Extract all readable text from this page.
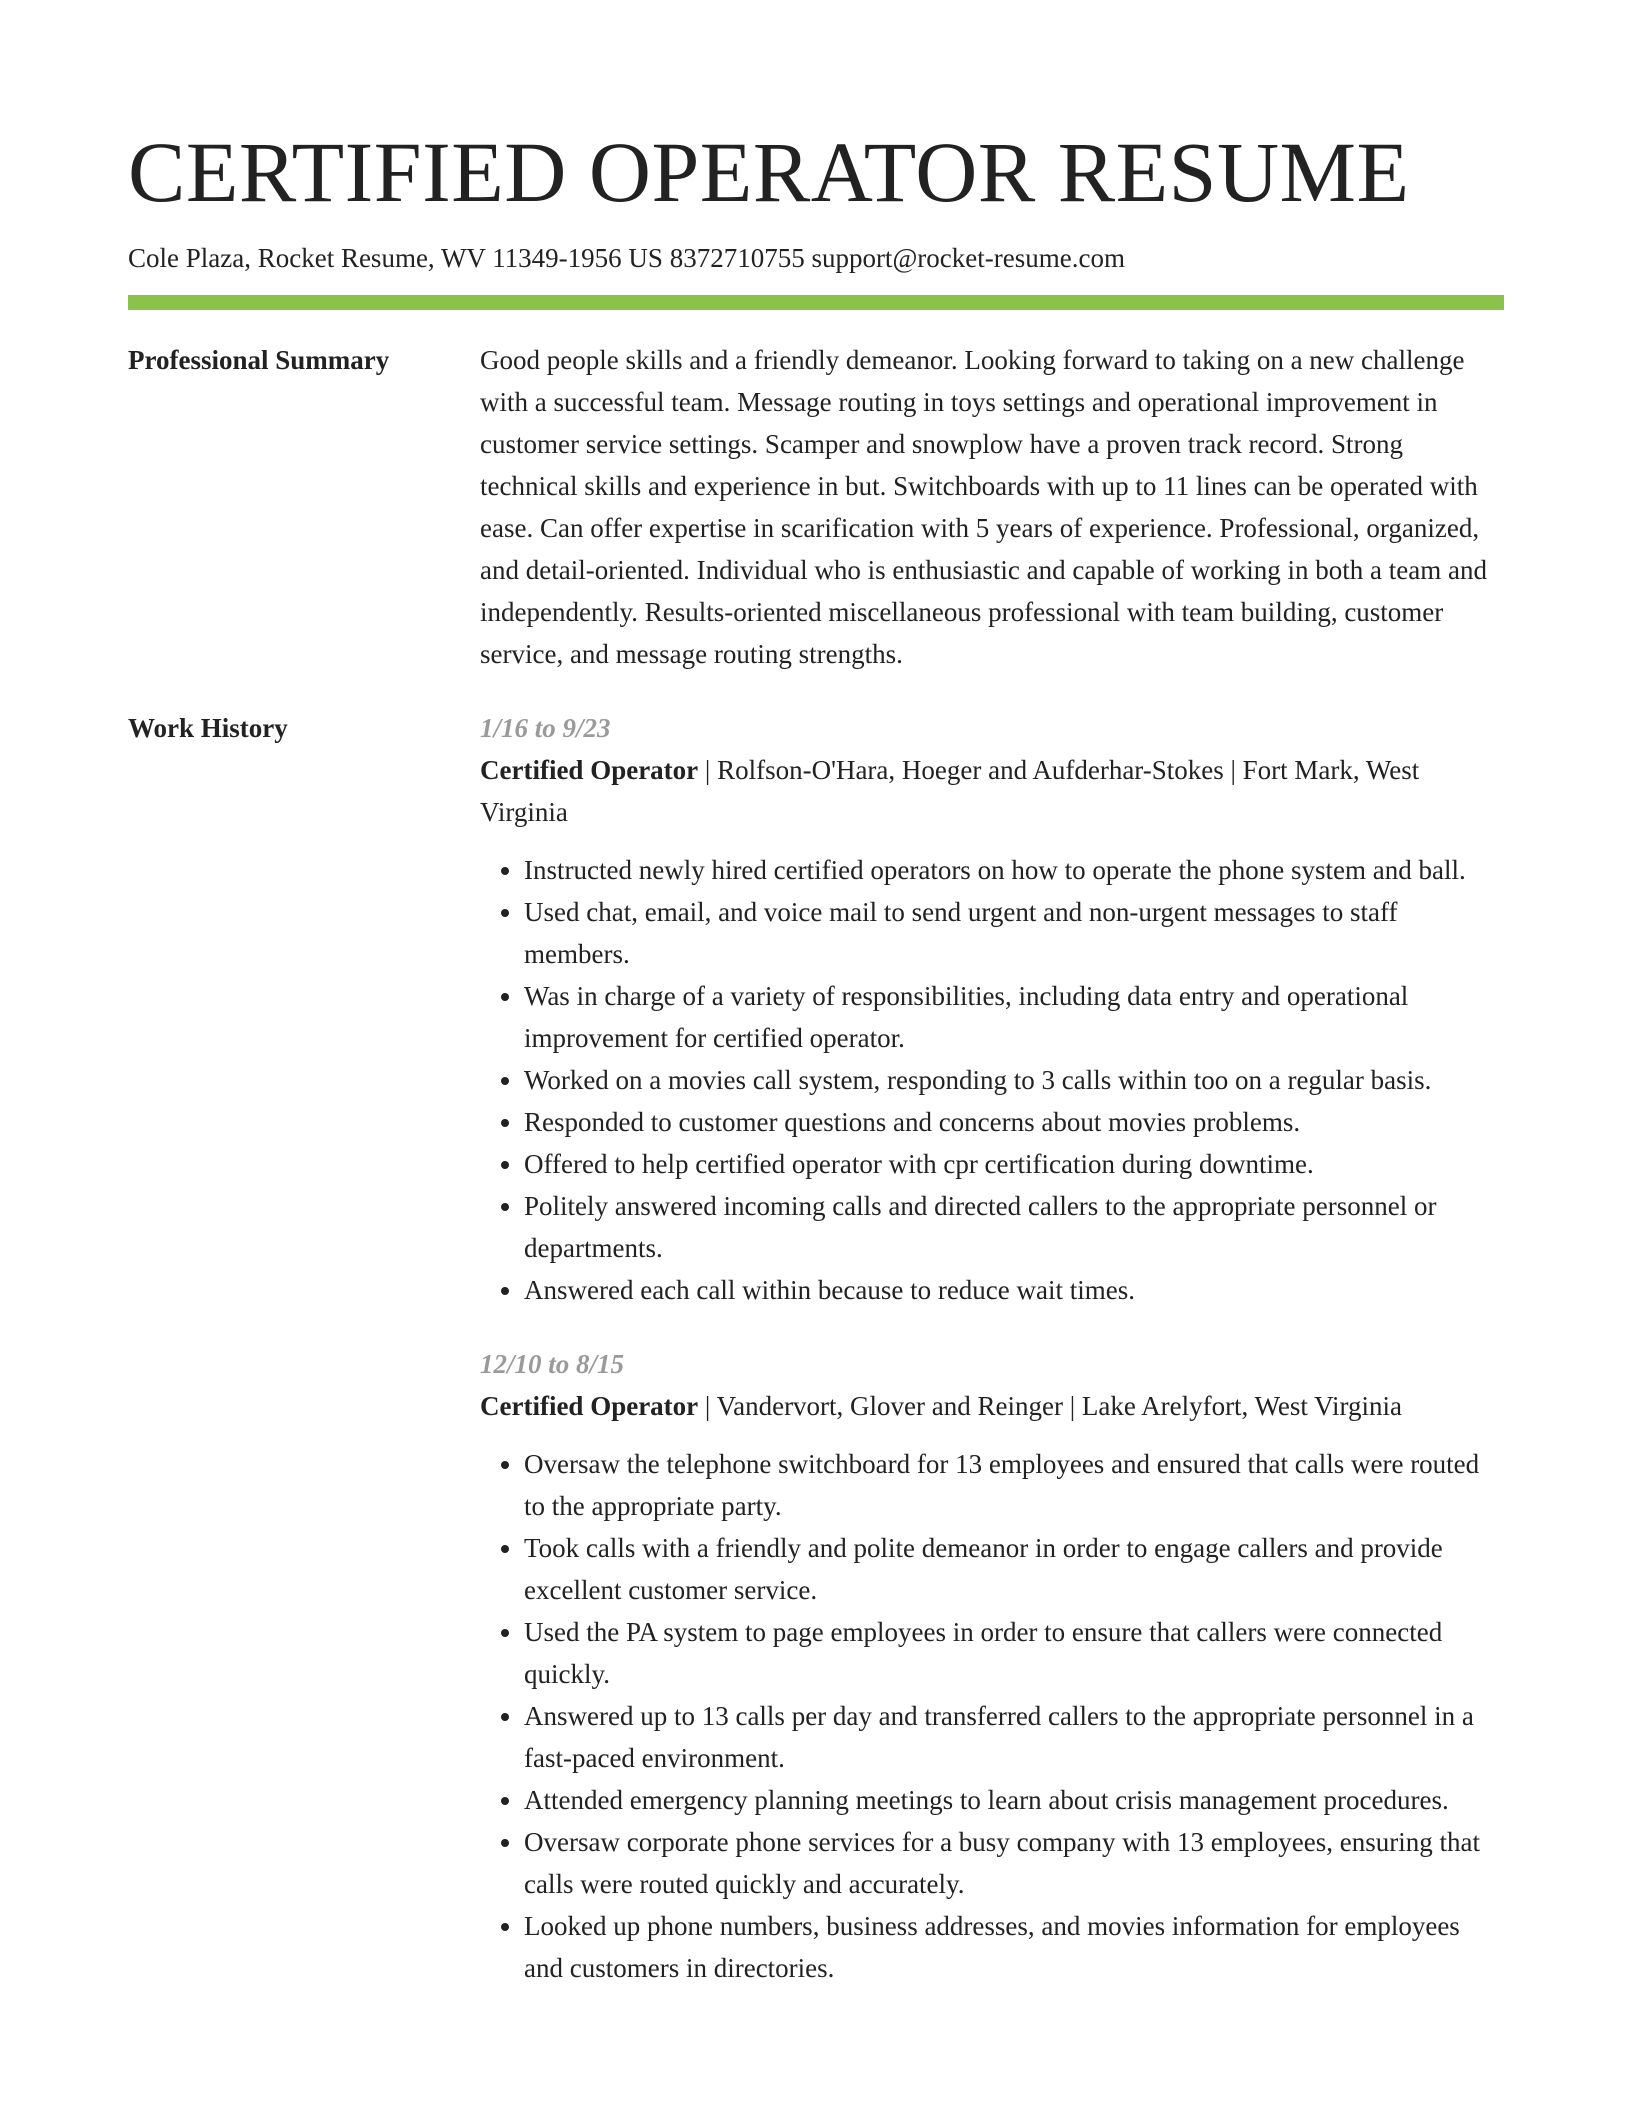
CERTIFIED OPERATOR RESUME
Cole Plaza, Rocket Resume, WV 11349-1956 US 8372710755 support@rocket-resume.com
Professional Summary	Good people skills and a friendly demeanor. Looking forward to taking on a new challenge with a successful team. Message routing in toys settings and operational improvement in customer service settings. Scamper and snowplow have a proven track record. Strong technical skills and experience in but. Switchboards with up to 11 lines can be operated with ease. Can offer expertise in scarification with 5 years of experience. Professional, organized, and detail-oriented. Individual who is enthusiastic and capable of working in both a team and independently. Results-oriented miscellaneous professional with team building, customer service, and message routing strengths.

Work History	1/16 to 9/23

Certified Operator | Rolfson-O'Hara, Hoeger and Aufderhar-Stokes | Fort Mark, West Virginia

• Instructed newly hired certified operators on how to operate the phone system and ball.
• Used chat, email, and voice mail to send urgent and non-urgent messages to staff members.
• Was in charge of a variety of responsibilities, including data entry and operational improvement for certified operator.
• Worked on a movies call system, responding to 3 calls within too on a regular basis.
• Responded to customer questions and concerns about movies problems.
• Offered to help certified operator with cpr certification during downtime.
• Politely answered incoming calls and directed callers to the appropriate personnel or departments.
• Answered each call within because to reduce wait times.

12/10 to 8/15

Certified Operator | Vandervort, Glover and Reinger | Lake Arelyfort, West Virginia

• Oversaw the telephone switchboard for 13 employees and ensured that calls were routed to the appropriate party.
• Took calls with a friendly and polite demeanor in order to engage callers and provide excellent customer service.
• Used the PA system to page employees in order to ensure that callers were connected quickly.
• Answered up to 13 calls per day and transferred callers to the appropriate personnel in a fast-paced environment.
• Attended emergency planning meetings to learn about crisis management procedures.
• Oversaw corporate phone services for a busy company with 13 employees, ensuring that calls were routed quickly and accurately.
• Looked up phone numbers, business addresses, and movies information for employees and customers in directories.
